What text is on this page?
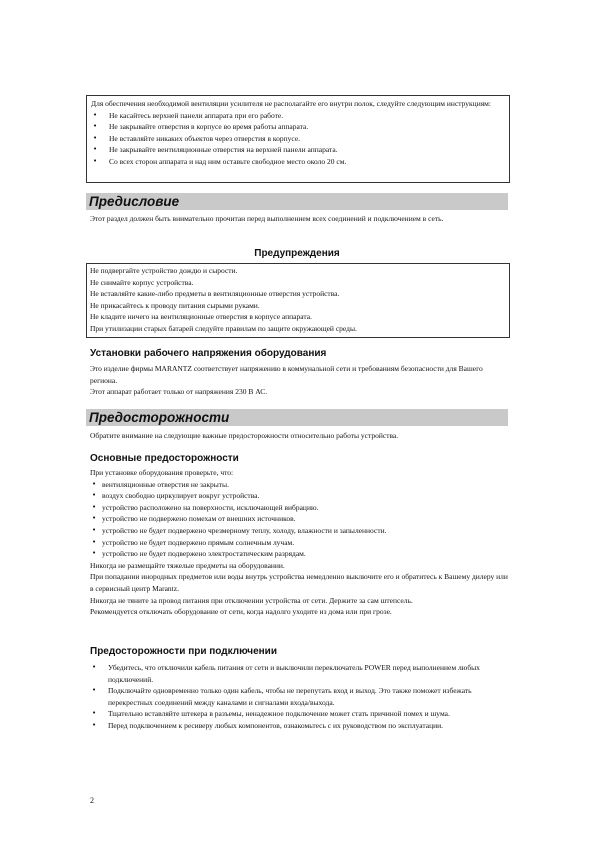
Для обеспечения необходимой вентиляции усилителя не располагайте его внутри полок, следуйте следующим инструкциям:
• Не касайтесь верхней панели аппарата при его работе.
• Не закрывайте отверстия в корпусе во время работы аппарата.
• Не вставляйте никаких объектов через отверстия в корпусе.
• Не закрывайте вентиляционные отверстия на верхней панели аппарата.
• Со всех сторон аппарата и над ним оставьте свободное место около 20 см.
Предисловие
Этот раздел должен быть внимательно прочитан перед выполнением всех соединений и подключением в сеть.
Предупреждения
Не подвергайте устройство дождю и сырости.
Не снимайте корпус устройства.
Не вставляйте какие-либо предметы в вентиляционные отверстия устройства.
Не прикасайтесь к проводу питания сырыми руками.
Не кладите ничего на вентиляционные отверстия в корпусе аппарата.
При утилизации старых батарей следуйте правилам по защите окружающей среды.
Установки рабочего напряжения оборудования
Это изделие фирмы MARANTZ соответствует напряжению в коммунальной сети и требованиям безопасности для Вашего региона.
Этот аппарат работает только от напряжения 230 В АС.
Предосторожности
Обратите внимание на следующие важные предосторожности относительно работы устройства.
Основные предосторожности
При установке оборудования проверьте, что:
• вентиляционные отверстия не закрыты.
• воздух свободно циркулирует вокруг устройства.
• устройство расположено на поверхности, исключающей вибрацию.
• устройство не подвержено помехам от внешних источников.
• устройство не будет подвержено чрезмерному теплу, холоду, влажности и запыленности.
• устройство не будет подвержено прямым солнечным лучам.
• устройство не будет подвержено электростатическим разрядам.
Никогда не размещайте тяжелые предметы на оборудовании.
При попадании инородных предметов или воды внутрь устройства немедленно выключите его и обратитесь к Вашему дилеру или в сервисный центр Marantz.
Никогда не тяните за провод питания при отключении устройства от сети. Держите за сам штепсель.
Рекомендуется отключать оборудование от сети, когда надолго уходите из дома или при грозе.
Предосторожности при подключении
• Убедитесь, что отключили кабель питания от сети и выключили переключатель POWER перед выполнением любых подключений.
• Подключайте одновременно только один кабель, чтобы не перепутать вход и выход. Это также поможет избежать перекрестных соединений между каналами и сигналами входа/выхода.
• Тщательно вставляйте штекера в разъемы, ненадежное подключение может стать причиной помех и шума.
• Перед подключением к ресиверу любых компонентов, ознакомьтесь с их руководством по эксплуатации.
2
